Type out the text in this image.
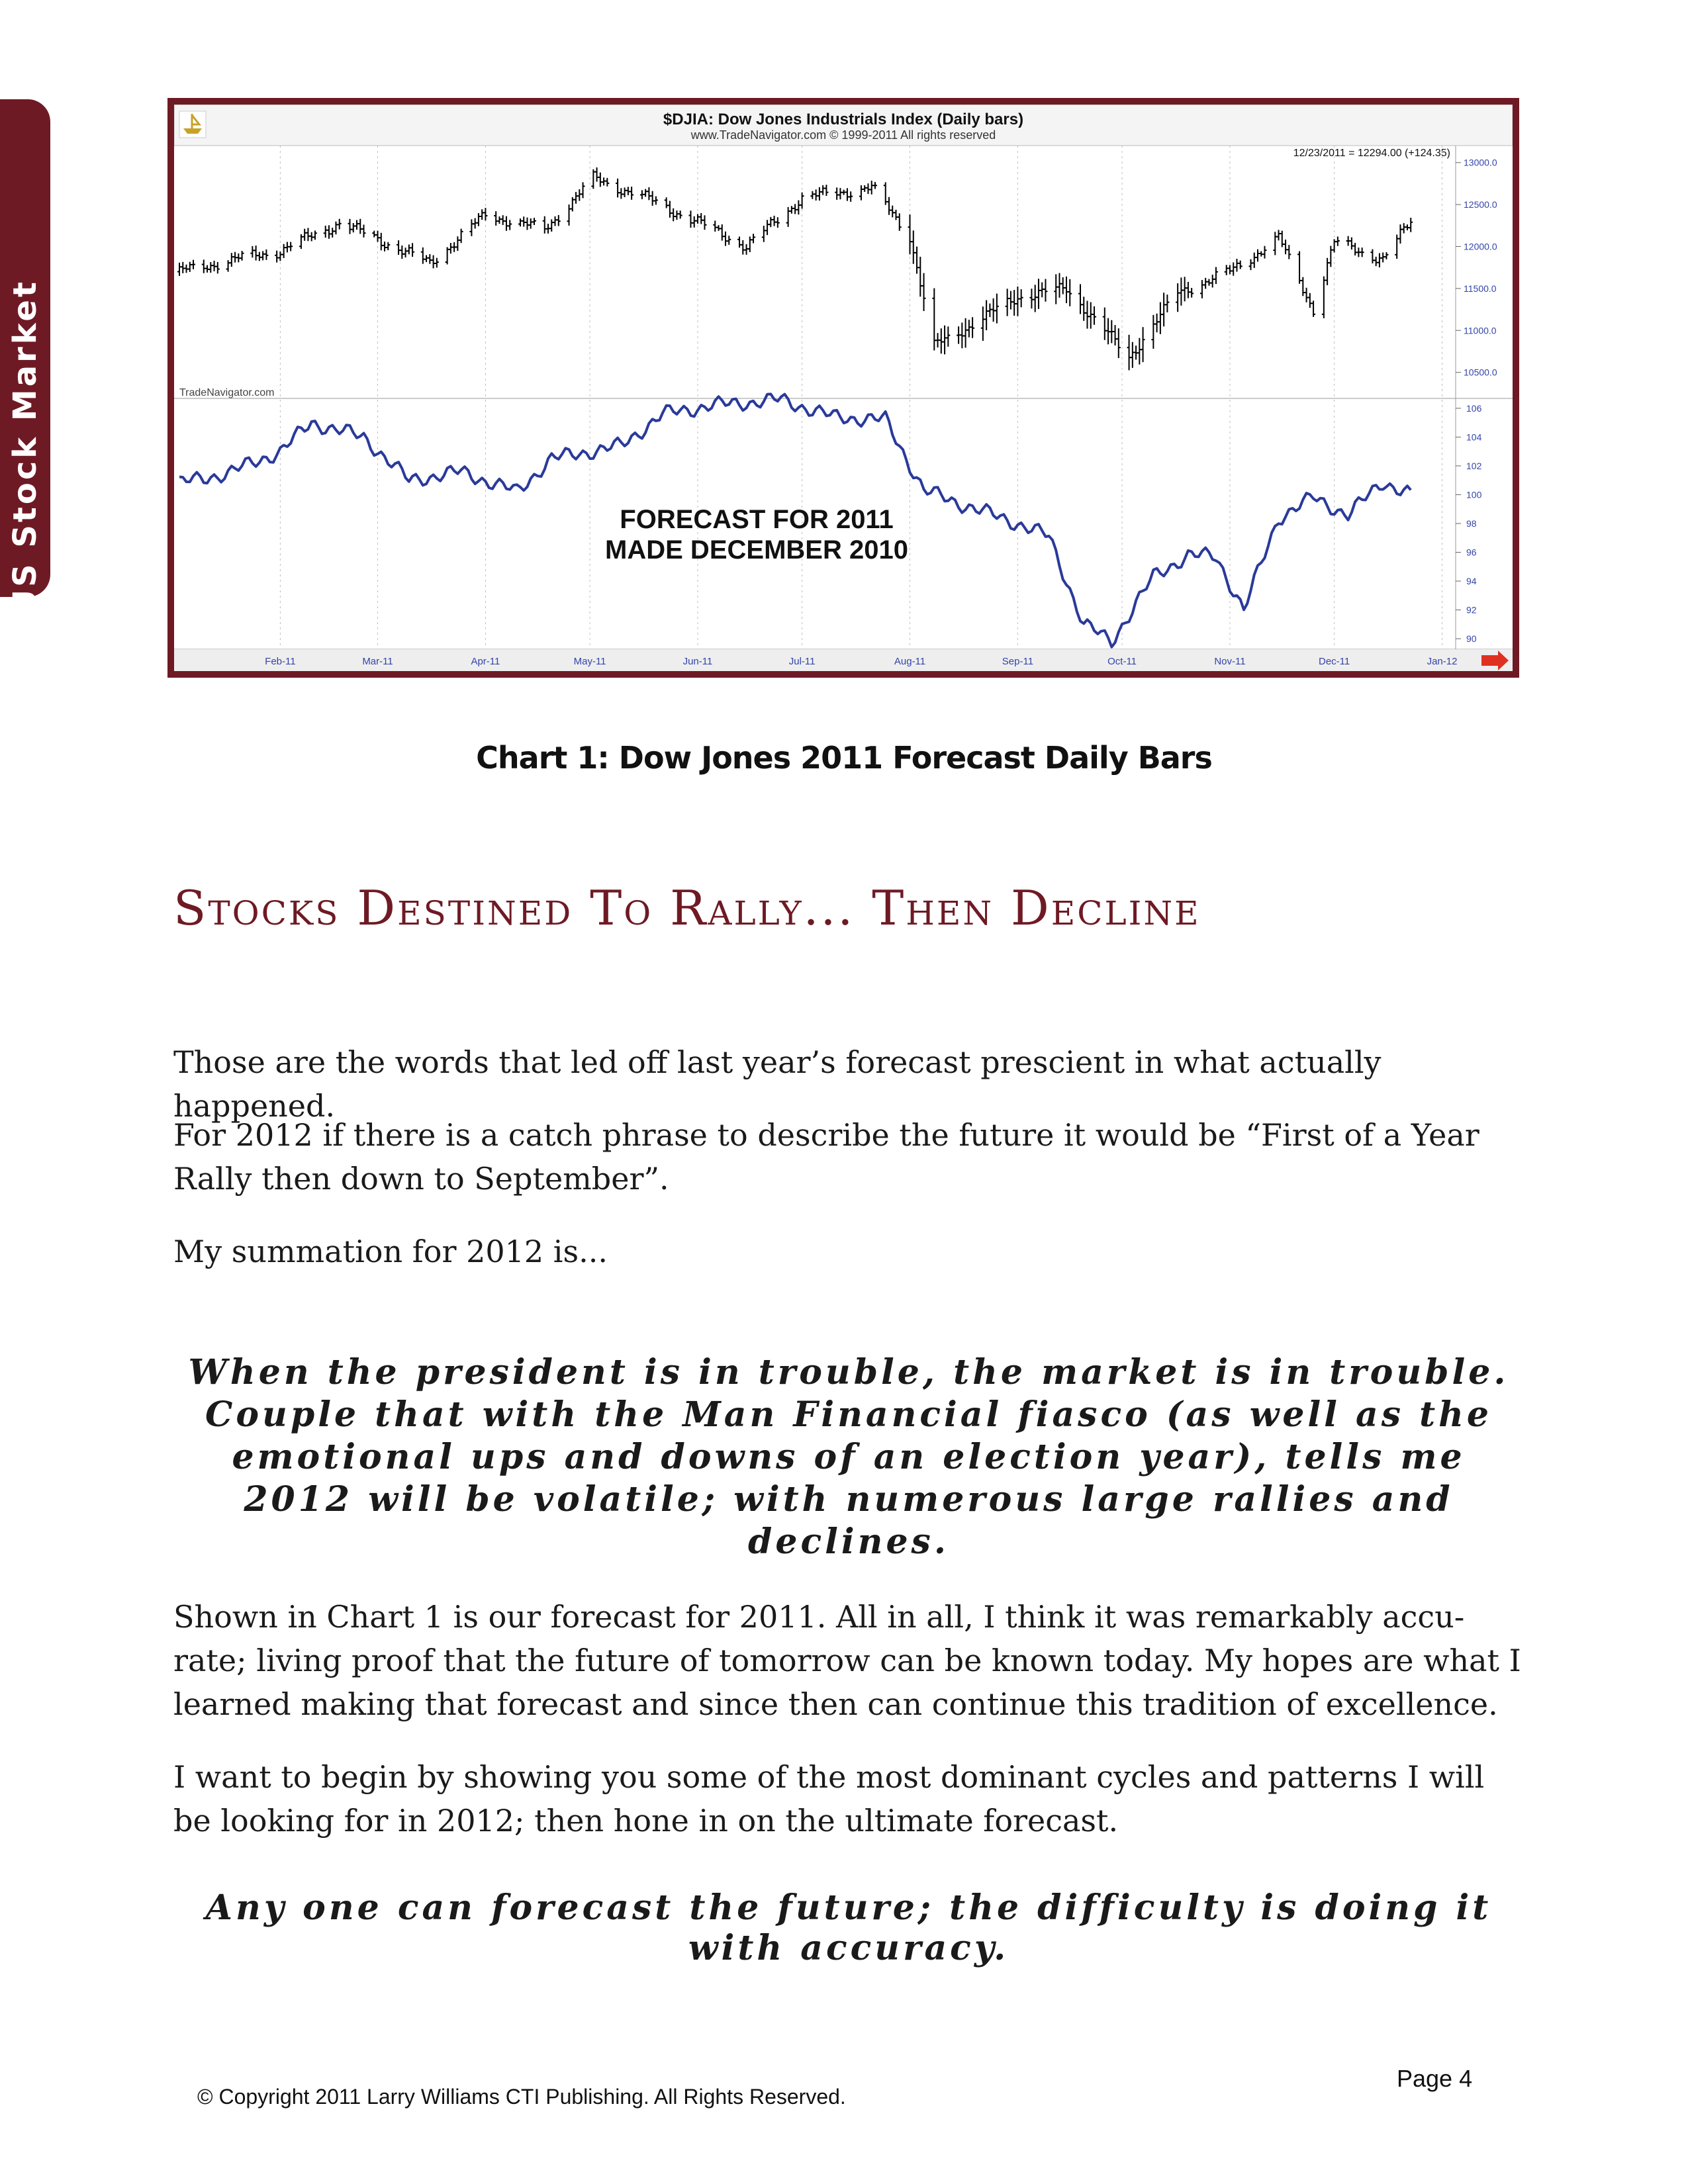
US Stock Market
$DJIA: Dow Jones Industrials Index (Daily bars)
www.TradeNavigator.com © 1999-2011 All rights reserved
12/23/2011 = 12294.00 (+124.35)
TradeNavigator.com
13000.0
12500.0
12000.0
11500.0
11000.0
10500.0
106
104
102
100
98
96
94
92
90
Feb-11	Mar-11	Apr-11	May-11	Jun-11	Jul-11	Aug-11	Sep-11	Oct-11	Nov-11	Dec-11	Jan-12
FORECAST FOR 2011
MADE DECEMBER 2010
Chart 1: Dow Jones 2011 Forecast Daily Bars
Stocks Destined To Rally... Then Decline

Those are the words that led off last year’s forecast prescient in what actually happened.

For 2012 if there is a catch phrase to describe the future it would be “First of a Year Rally then down to September”.

My summation for 2012 is...

When the president is in trouble, the market is in trouble. Couple that with the Man Financial fiasco (as well as the emotional ups and downs of an election year), tells me 2012 will be volatile; with numerous large rallies and declines.

Shown in Chart 1 is our forecast for 2011. All in all, I think it was remarkably accu-rate; living proof that the future of tomorrow can be known today. My hopes are what I learned making that forecast and since then can continue this tradition of excellence.

I want to begin by showing you some of the most dominant cycles and patterns I will be looking for in 2012; then hone in on the ultimate forecast.

Any one can forecast the future; the difficulty is doing it with accuracy.

Page 4
© Copyright 2011 Larry Williams CTI Publishing. All Rights Reserved.
